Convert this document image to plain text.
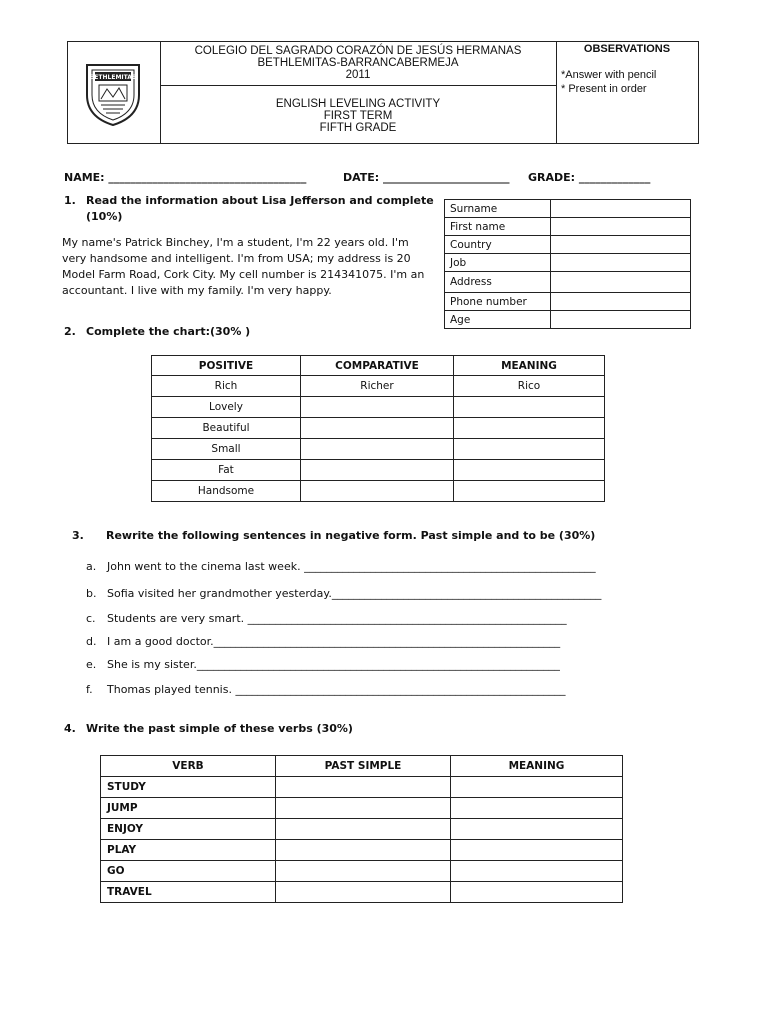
BETHLEMITAS
COLEGIO DEL SAGRADO CORAZÓN DE JESÚS HERMANAS
BETHLEMITAS-BARRANCABERMEJA
2011
ENGLISH LEVELING ACTIVITY
FIRST TERM
FIFTH GRADE
OBSERVATIONS
*Answer with pencil
* Present in order
NAME: ____________________________________	DATE: _______________________ GRADE: _____________
1. Read the information about Lisa Jefferson and complete
(10%)
My name's Patrick Binchey, I'm a student, I'm 22 years old. I'm
very handsome and intelligent. I'm from USA; my address is 20
Model Farm Road, Cork City. My cell number is 214341075. I'm an
accountant. I live with my family. I'm very happy.
Surname	
First name	
Country	
Job	
Address	
Phone number	
Age	
2. Complete the chart:(30% )
POSITIVE	COMPARATIVE	MEANING
Rich	Richer	Rico
Lovely		
Beautiful		
Small		
Fat		
Handsome		
3. Rewrite the following sentences in negative form. Past simple and to be (30%)
a. John went to the cinema last week. _____________________________________________________
b. Sofia visited her grandmother yesterday._________________________________________________
c. Students are very smart. __________________________________________________________
d. I am a good doctor._______________________________________________________________
e. She is my sister.__________________________________________________________________
f. Thomas played tennis. ____________________________________________________________
4. Write the past simple of these verbs (30%)
VERB	PAST SIMPLE	MEANING
STUDY		
JUMP		
ENJOY		
PLAY		
GO		
TRAVEL		
